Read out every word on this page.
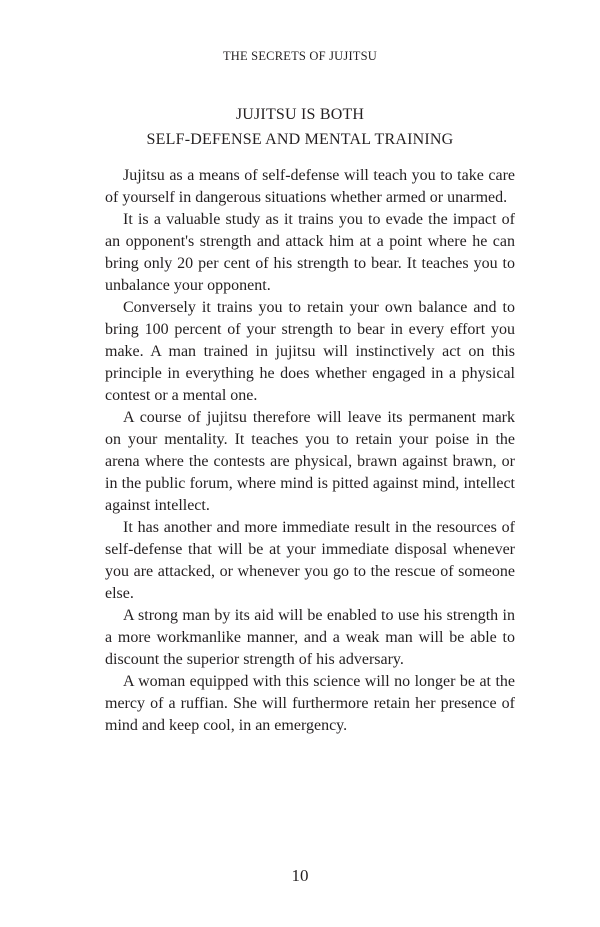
THE SECRETS OF JUJITSU
JUJITSU IS BOTH
SELF-DEFENSE AND MENTAL TRAINING

Jujitsu as a means of self-defense will teach you to take care of yourself in dangerous situations whether armed or unarmed.

It is a valuable study as it trains you to evade the impact of an opponent's strength and attack him at a point where he can bring only 20 per cent of his strength to bear. It teaches you to unbalance your opponent.

Conversely it trains you to retain your own balance and to bring 100 percent of your strength to bear in every effort you make. A man trained in jujitsu will instinctively act on this principle in everything he does whether engaged in a physical contest or a mental one.

A course of jujitsu therefore will leave its permanent mark on your mentality. It teaches you to retain your poise in the arena where the contests are physical, brawn against brawn, or in the public forum, where mind is pitted against mind, intellect against intellect.

It has another and more immediate result in the resources of self-defense that will be at your immediate disposal whenever you are attacked, or whenever you go to the rescue of someone else.

A strong man by its aid will be enabled to use his strength in a more workmanlike manner, and a weak man will be able to discount the superior strength of his adversary.

A woman equipped with this science will no longer be at the mercy of a ruffian. She will furthermore retain her presence of mind and keep cool, in an emergency.

10
